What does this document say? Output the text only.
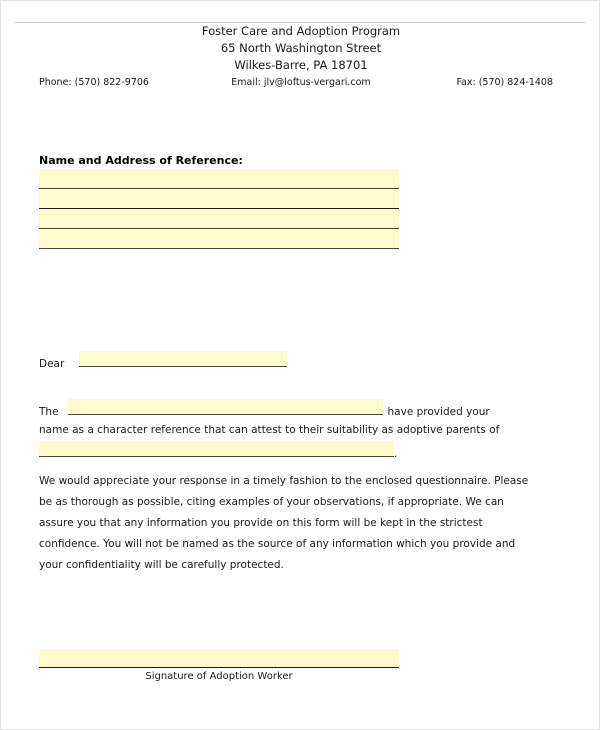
Foster Care and Adoption Program
65 North Washington Street
Wilkes-Barre, PA 18701
Phone: (570) 822-9706	Email: jlv@loftus-vergari.com	Fax: (570) 824-1408
Name and Address of Reference:
Dear
The	have provided your
name as a character reference that can attest to their suitability as adoptive parents of
.
We would appreciate your response in a timely fashion to the enclosed questionnaire. Please be as thorough as possible, citing examples of your observations, if appropriate. We can assure you that any information you provide on this form will be kept in the strictest confidence. You will not be named as the source of any information which you provide and your confidentiality will be carefully protected.
Signature of Adoption Worker
